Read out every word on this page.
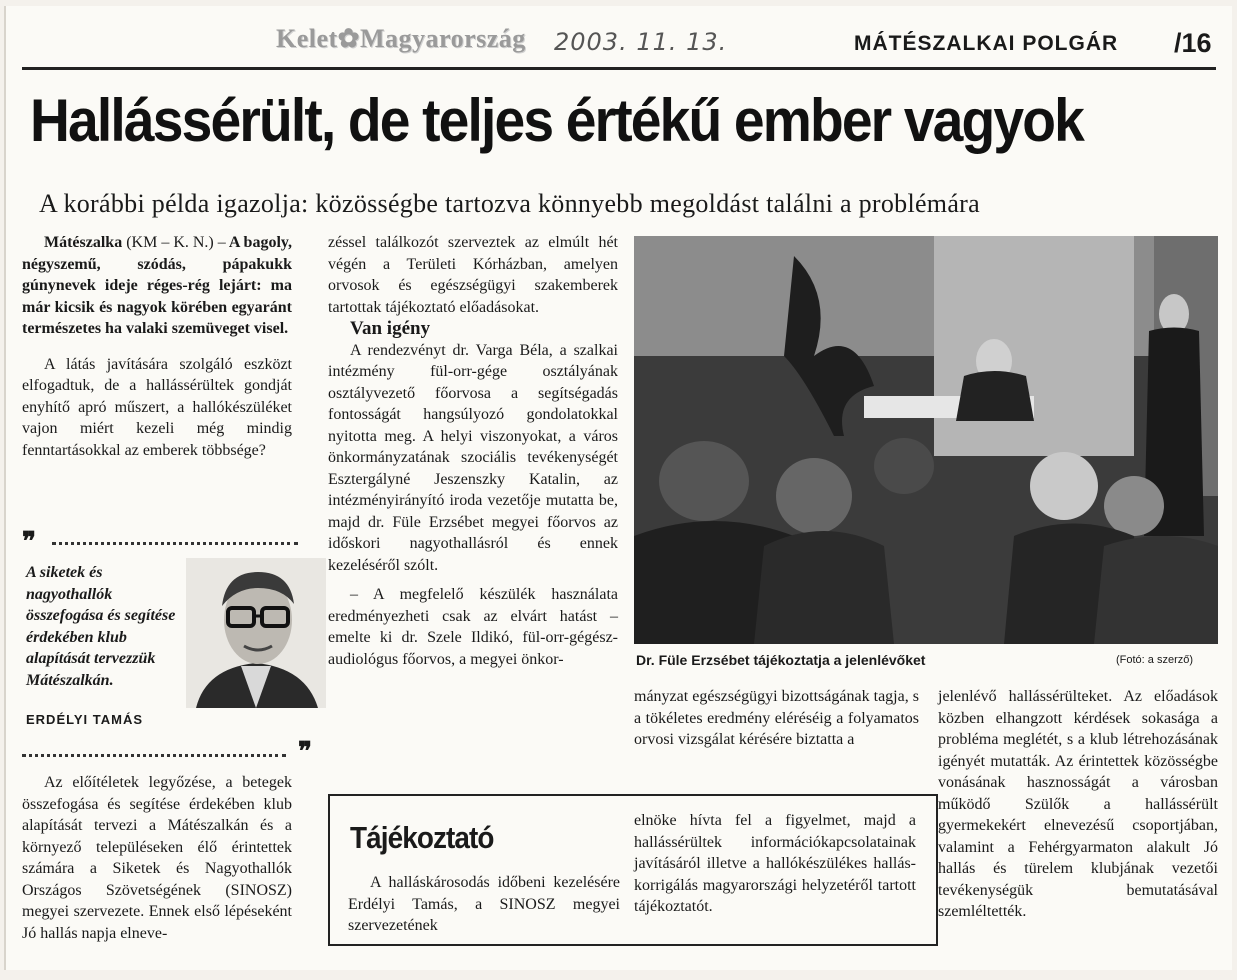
Kelet✿Magyarország 2003. 11. 13.	MÁTÉSZALKAI POLGÁR /16
Hallássérült, de teljes értékű ember vagyok
A korábbi példa igazolja: közösségbe tartozva könnyebb megoldást találni a problémára

Mátészalka (KM – K. N.) – A bagoly, négyszemű, szódás, pápakukk gúnynevek ideje réges-rég lejárt: ma már kicsik és nagyok körében egyaránt természetes ha valaki szemüveget visel.

A látás javítására szolgáló eszközt elfogadtuk, de a hallássérültek gondját enyhítő apró műszert, a hallókészüléket vajon miért kezeli még mindig fenntartásokkal az emberek többsége?

❞
A siketek és nagyothallók összefogása és segítése érdekében klub alapítását tervezzük Mátészalkán.
ERDÉLYI TAMÁS
❞

Az előítéletek legyőzése, a betegek összefogása és segítése érdekében klub alapítását tervezi a Mátészalkán és a környező településeken élő érintettek számára a Siketek és Nagyothallók Országos Szövetségének (SINOSZ) megyei szervezete. Ennek első lépéseként Jó hallás napja elneve-

zéssel találkozót szerveztek az elmúlt hét végén a Területi Kórházban, amelyen orvosok és egészségügyi szakemberek tartottak tájékoztató előadásokat.

Van igény

A rendezvényt dr. Varga Béla, a szalkai intézmény fül-orr-gége osztályának osztályvezető főorvosa a segítségadás fontosságát hangsúlyozó gondolatokkal nyitotta meg. A helyi viszonyokat, a város önkormányzatának szociális tevékenységét Esztergályné Jeszenszky Katalin, az intézményirányító iroda vezetője mutatta be, majd dr. Füle Erzsébet megyei főorvos az időskori nagyothallásról és ennek kezeléséről szólt.

– A megfelelő készülék használata eredményezheti csak az elvárt hatást – emelte ki dr. Szele Ildikó, fül-orr-gégész-audiológus főorvos, a megyei önkor-	Dr. Füle Erzsébet tájékoztatja a jelenlévőket	(Fotó: a szerző)

mányzat egészségügyi bizottságának tagja, s a tökéletes eredmény eléréséig a folyamatos orvosi vizsgálat kérésére biztatta a

jelenlévő hallássérülteket. Az előadások közben elhangzott kérdések sokasága a probléma meglétét, s a klub létrehozásának igényét mutatták. Az érintettek közösségbe vonásának hasznosságát a városban működő Szülők a hallássérült gyermekekért elnevezésű csoportjában, valamint a Fehérgyarmaton alakult Jó hallás és türelem klubjának vezetői tevékenységük bemutatásával szemléltették.

Tájékoztató

A halláskárosodás időbeni kezelésére Erdélyi Tamás, a SINOSZ megyei szervezetének

elnöke hívta fel a figyelmet, majd a hallássérültek információkapcsolatainak javításáról illetve a hallókészülékes halláskorrigálás magyarországi helyzetéről tartott tájékoztatót.
